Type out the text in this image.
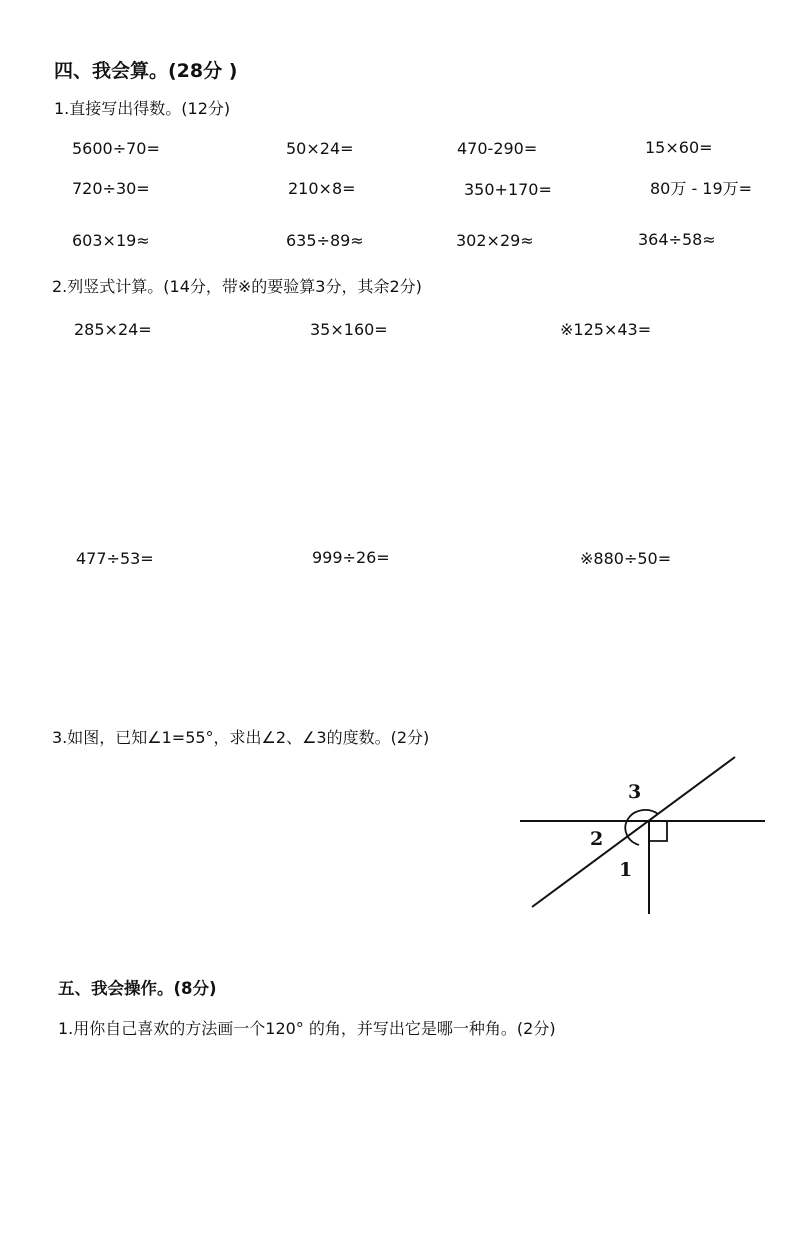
四、我会算。(28分 )
1.直接写出得数。(12分)
5600÷70=	50×24=	470-290=	15×60=
720÷30=	210×8=	350+170=	80万 - 19万=
603×19≈	635÷89≈	302×29≈	364÷58≈
2.列竖式计算。(14分，带※的要验算3分，其余2分)
285×24=	35×160=	※125×43=
477÷53=	999÷26=	※880÷50=
3.如图，已知∠1=55°，求出∠2、∠3的度数。(2分)
3
2
1
五、我会操作。(8分)
1.用你自己喜欢的方法画一个120° 的角，并写出它是哪一种角。(2分)
